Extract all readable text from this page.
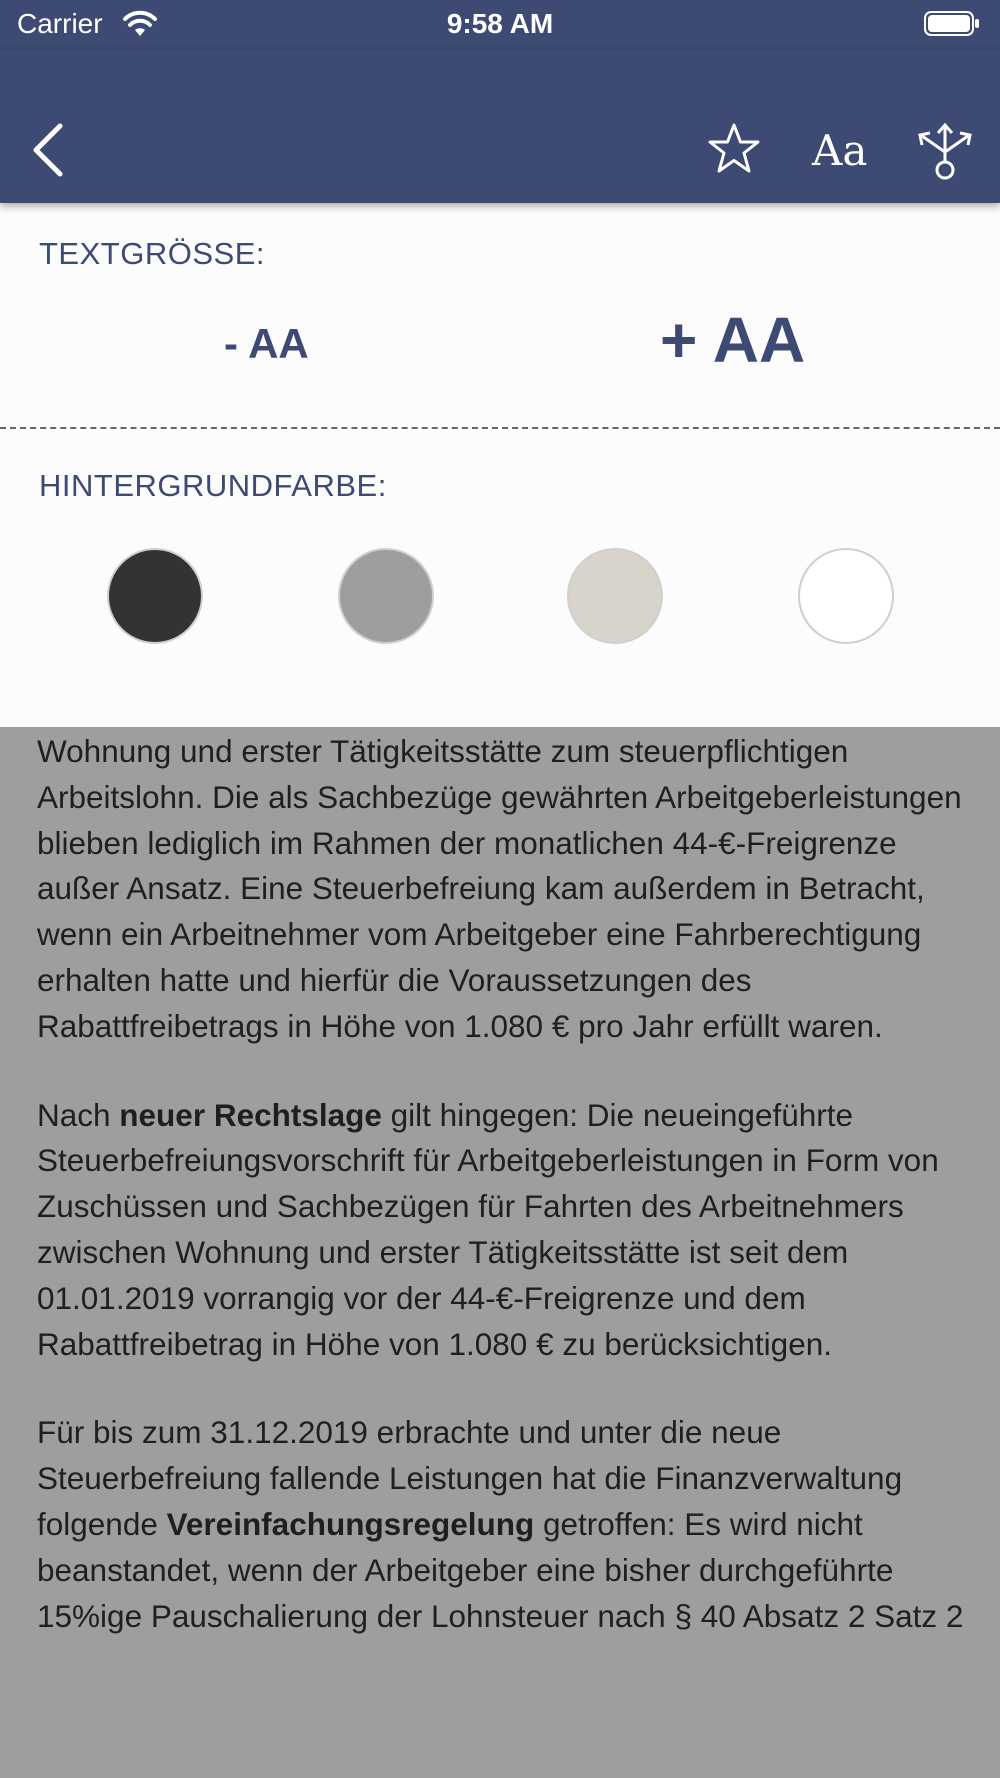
Carrier	9:58 AM
Aa
TEXTGRÖSSE:
- AA	+ AA
HINTERGRUNDFARBE:

Wohnung und erster Tätigkeitsstätte zum steuerpflichtigen Arbeitslohn. Die als Sachbezüge gewährten Arbeitgeberleistungen blieben lediglich im Rahmen der monatlichen 44-€-Freigrenze außer Ansatz. Eine Steuerbefreiung kam außerdem in Betracht, wenn ein Arbeitnehmer vom Arbeitgeber eine Fahrberechtigung erhalten hatte und hierfür die Voraussetzungen des Rabattfreibetrags in Höhe von 1.080 € pro Jahr erfüllt waren.

Nach neuer Rechtslage gilt hingegen: Die neueingeführte Steuerbefreiungsvorschrift für Arbeitgeberleistungen in Form von Zuschüssen und Sachbezügen für Fahrten des Arbeitnehmers zwischen Wohnung und erster Tätigkeitsstätte ist seit dem 01.01.2019 vorrangig vor der 44-€-Freigrenze und dem Rabattfreibetrag in Höhe von 1.080 € zu berücksichtigen.

Für bis zum 31.12.2019 erbrachte und unter die neue Steuerbefreiung fallende Leistungen hat die Finanzverwaltung folgende Vereinfachungsregelung getroffen: Es wird nicht beanstandet, wenn der Arbeitgeber eine bisher durchgeführte 15%ige Pauschalierung der Lohnsteuer nach § 40 Absatz 2 Satz 2
